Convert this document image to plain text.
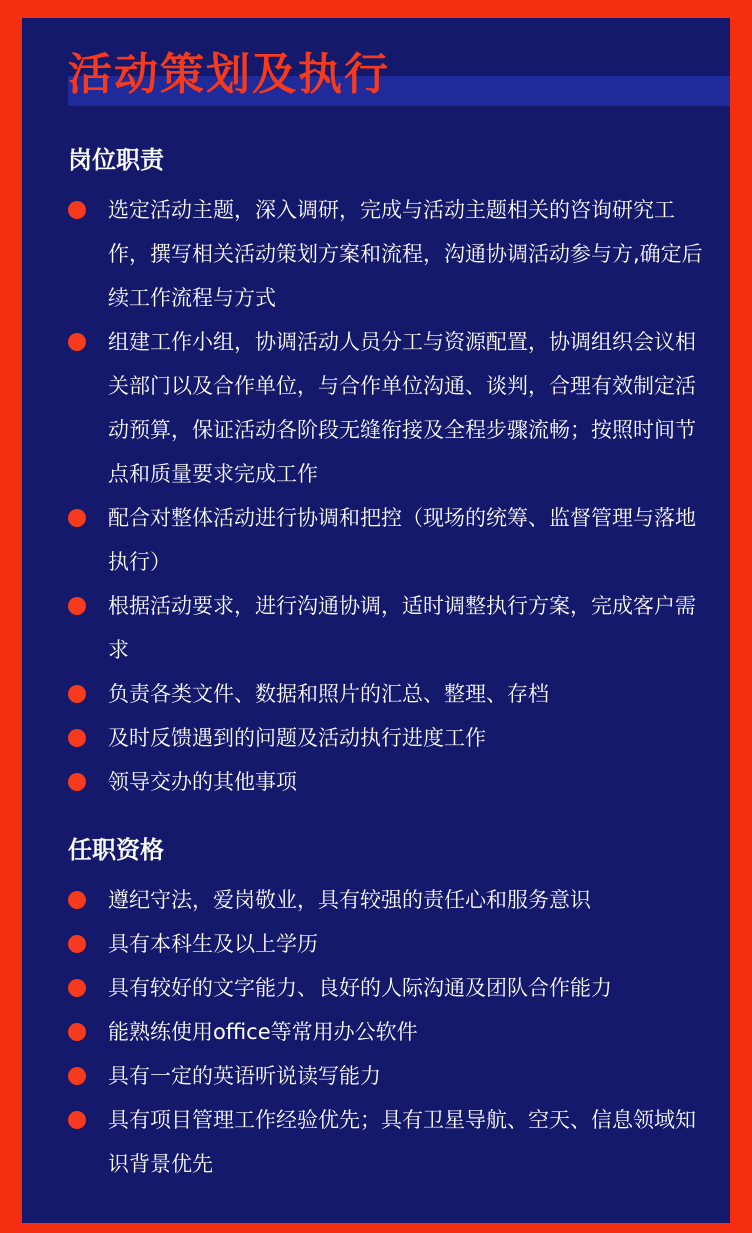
活动策划及执行
岗位职责
选定活动主题，深入调研，完成与活动主题相关的咨询研究工作，撰写相关活动策划方案和流程，沟通协调活动参与方,确定后续工作流程与方式
组建工作小组，协调活动人员分工与资源配置，协调组织会议相关部门以及合作单位，与合作单位沟通、谈判，合理有效制定活动预算，保证活动各阶段无缝衔接及全程步骤流畅；按照时间节点和质量要求完成工作
配合对整体活动进行协调和把控（现场的统筹、监督管理与落地执行）
根据活动要求，进行沟通协调，适时调整执行方案，完成客户需求
负责各类文件、数据和照片的汇总、整理、存档
及时反馈遇到的问题及活动执行进度工作
领导交办的其他事项
任职资格
遵纪守法，爱岗敬业，具有较强的责任心和服务意识
具有本科生及以上学历
具有较好的文字能力、良好的人际沟通及团队合作能力
能熟练使用office等常用办公软件
具有一定的英语听说读写能力
具有项目管理工作经验优先；具有卫星导航、空天、信息领域知识背景优先
